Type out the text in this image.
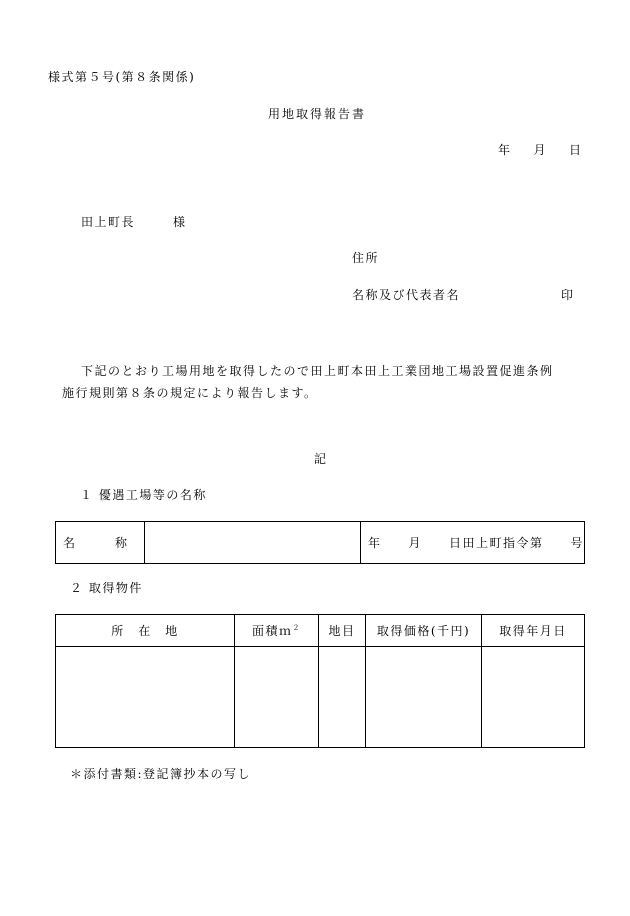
様式第５号(第８条関係)
用地取得報告書
年 月 日
田上町長	様
住所
名称及び代表者名	印
下記のとおり工場用地を取得したので田上町本田上工業団地工場設置促進条例
施行規則第８条の規定により報告します。
記
１ 優遇工場等の名称
名　称		年　　月　　日田上町指令第　　号
２ 取得物件
所　在　地	面積ｍ$^2$	地目	取得価格(千円)	取得年月日

＊添付書類:登記簿抄本の写し
